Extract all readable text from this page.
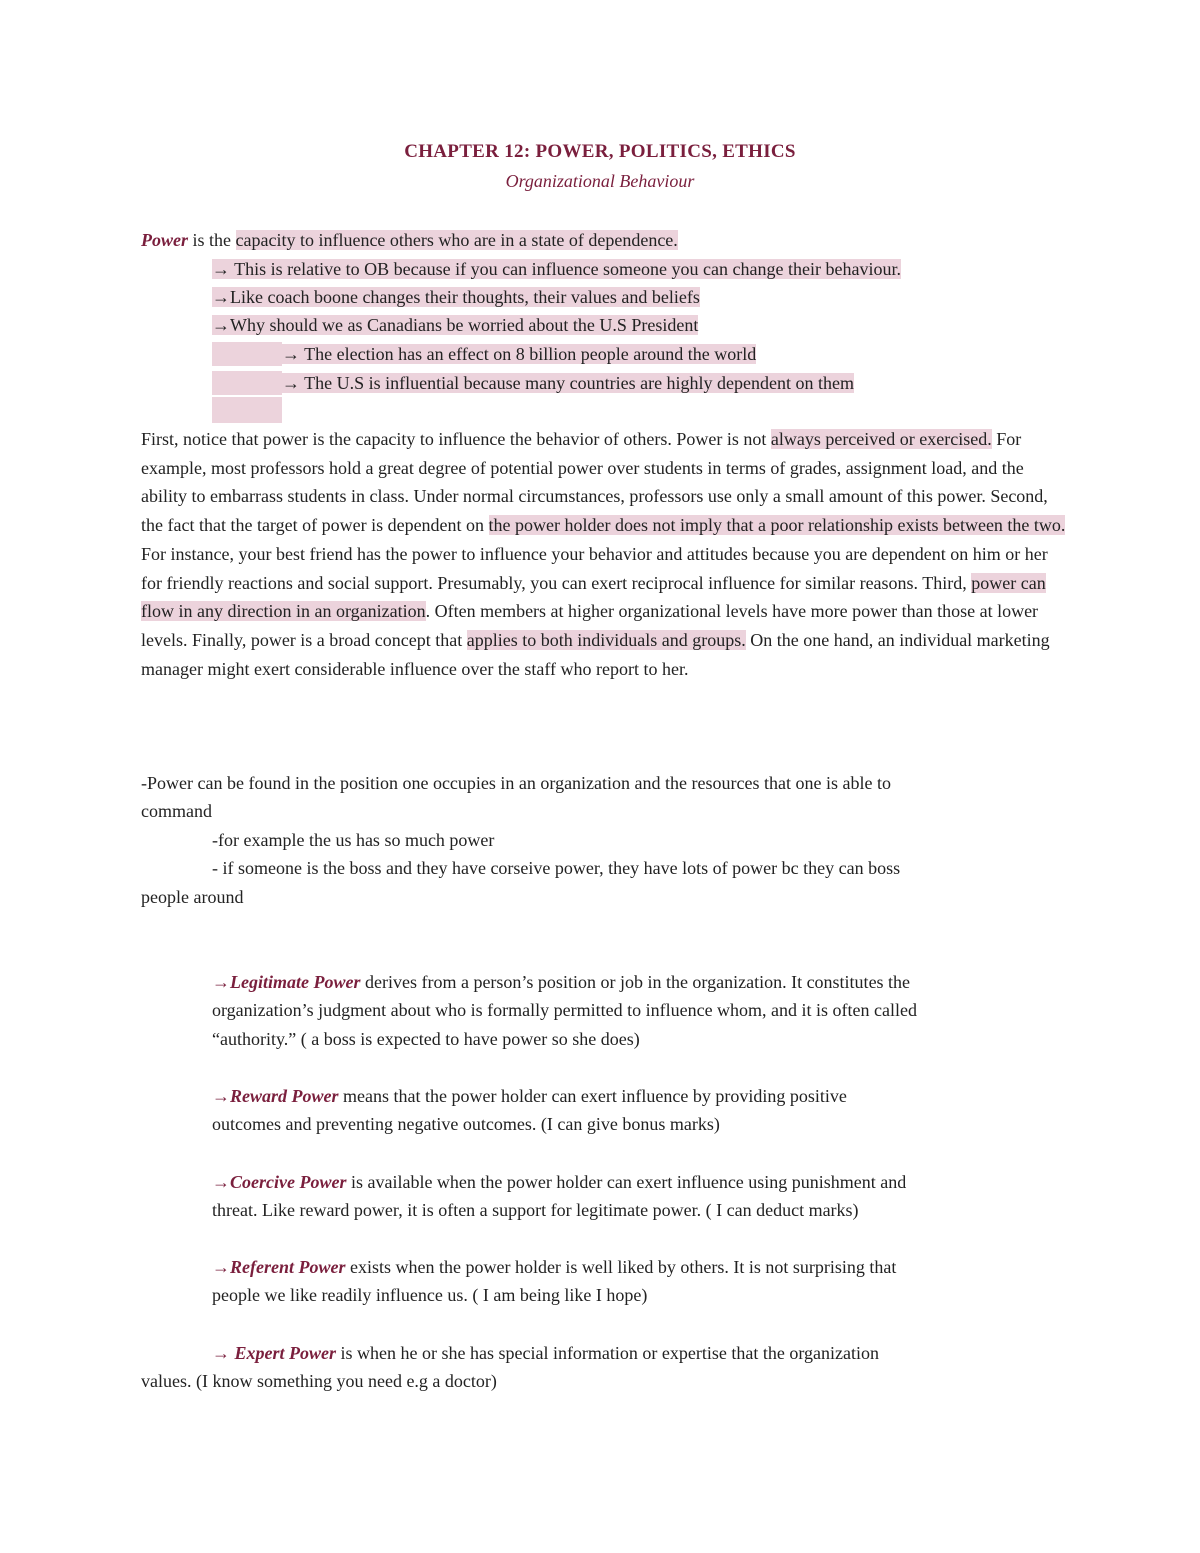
CHAPTER 12: POWER, POLITICS, ETHICS
Organizational Behaviour
Power is the capacity to influence others who are in a state of dependence.
→ This is relative to OB because if you can influence someone you can change their behaviour.
→Like coach boone changes their thoughts, their values and beliefs
→Why should we as Canadians be worried about the U.S President
→ The election has an effect on 8 billion people around the world
→ The U.S is influential because many countries are highly dependent on them

First, notice that power is the capacity to influence the behavior of others. Power is not always perceived or exercised. For example, most professors hold a great degree of potential power over students in terms of grades, assignment load, and the ability to embarrass students in class. Under normal circumstances, professors use only a small amount of this power. Second, the fact that the target of power is dependent on the power holder does not imply that a poor relationship exists between the two. For instance, your best friend has the power to influence your behavior and attitudes because you are dependent on him or her for friendly reactions and social support. Presumably, you can exert reciprocal influence for similar reasons. Third, power can flow in any direction in an organization. Often members at higher organizational levels have more power than those at lower levels. Finally, power is a broad concept that applies to both individuals and groups. On the one hand, an individual marketing manager might exert considerable influence over the staff who report to her.

-Power can be found in the position one occupies in an organization and the resources that one is able to
command
-for example the us has so much power
- if someone is the boss and they have corseive power, they have lots of power bc they can boss
people around
→Legitimate Power derives from a person’s position or job in the organization. It constitutes the
organization’s judgment about who is formally permitted to influence whom, and it is often called
“authority.” ( a boss is expected to have power so she does)
→Reward Power means that the power holder can exert influence by providing positive
outcomes and preventing negative outcomes. (I can give bonus marks)
→Coercive Power is available when the power holder can exert influence using punishment and
threat. Like reward power, it is often a support for legitimate power. ( I can deduct marks)
→Referent Power exists when the power holder is well liked by others. It is not surprising that
people we like readily influence us. ( I am being like I hope)
→ Expert Power is when he or she has special information or expertise that the organization
values. (I know something you need e.g a doctor)
